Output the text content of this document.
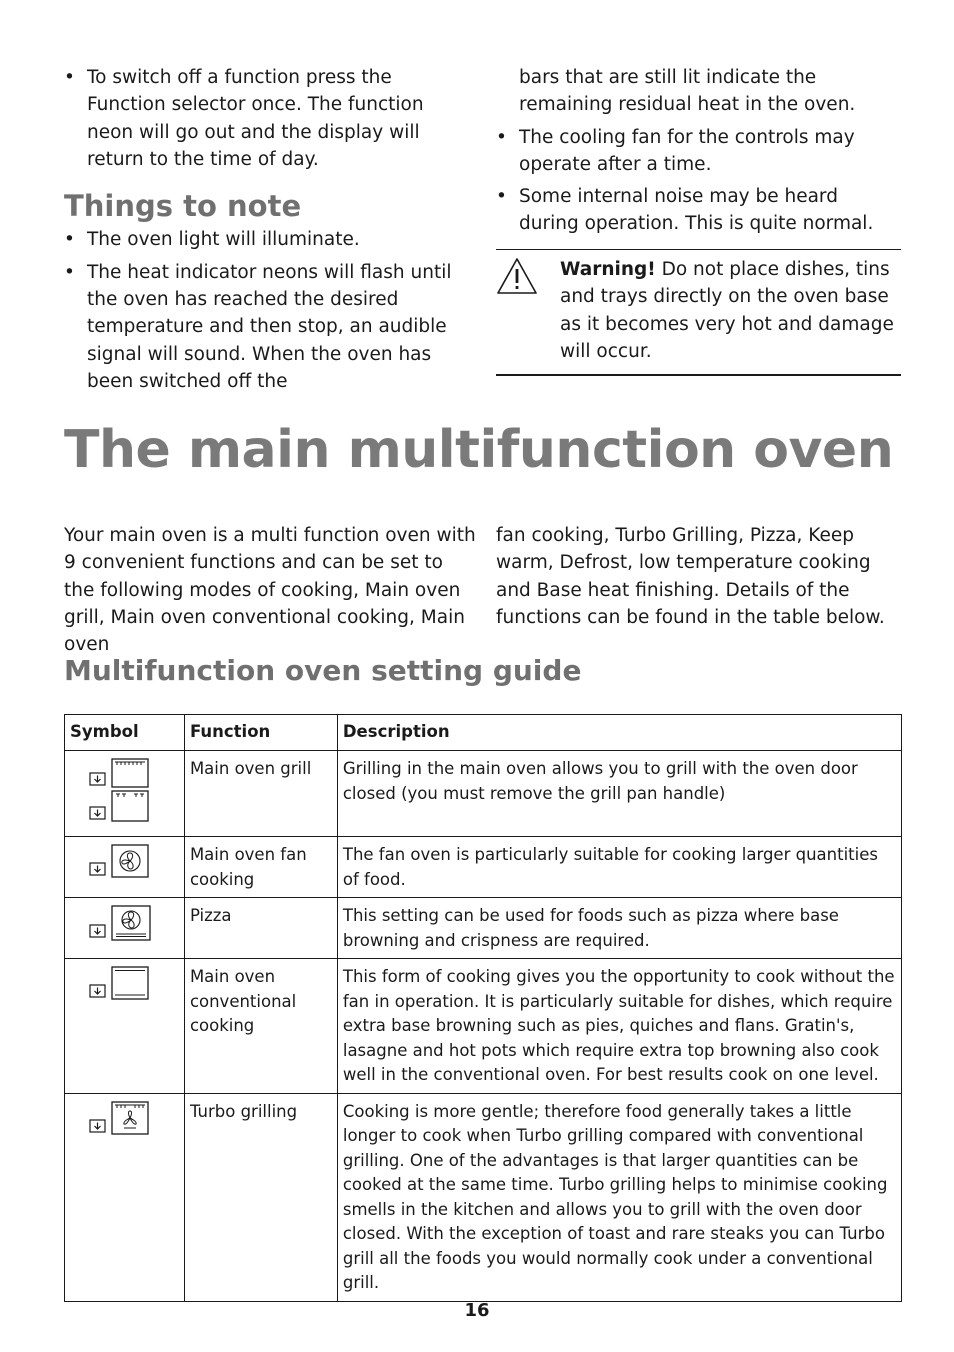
• To switch off a function press the Function selector once. The function neon will go out and the display will return to the time of day.

Things to note

• The oven light will illuminate.

• The heat indicator neons will flash until the oven has reached the desired temperature and then stop, an audible signal will sound. When the oven has been switched off the

bars that are still lit indicate the remaining residual heat in the oven.

• The cooling fan for the controls may operate after a time.

• Some internal noise may be heard during operation. This is quite normal.

Warning! Do not place dishes, tins and trays directly on the oven base as it becomes very hot and damage will occur.
The main multifunction oven
Your main oven is a multi function oven with 9 convenient functions and can be set to the following modes of cooking, Main oven grill, Main oven conventional cooking, Main oven
fan cooking, Turbo Grilling, Pizza, Keep warm, Defrost, low temperature cooking and Base heat finishing. Details of the functions can be found in the table below.
Multifunction oven setting guide
Symbol	Function	Description

	Main oven grill	Grilling in the main oven allows you to grill with the oven door closed (you must remove the grill pan handle)

	Main oven fan cooking	The fan oven is particularly suitable for cooking larger quantities of food.

	Pizza	This setting can be used for foods such as pizza where base browning and crispness are required.

	Main oven conventional cooking	This form of cooking gives you the opportunity to cook without the fan in operation. It is particularly suitable for dishes, which require extra base browning such as pies, quiches and flans. Gratin's, lasagne and hot pots which require extra top browning also cook well in the conventional oven. For best results cook on one level.

	Turbo grilling	Cooking is more gentle; therefore food generally takes a little longer to cook when Turbo grilling compared with conventional grilling. One of the advantages is that larger quantities can be cooked at the same time. Turbo grilling helps to minimise cooking smells in the kitchen and allows you to grill with the oven door closed. With the exception of toast and rare steaks you can Turbo grill all the foods you would normally cook under a conventional grill.
16
